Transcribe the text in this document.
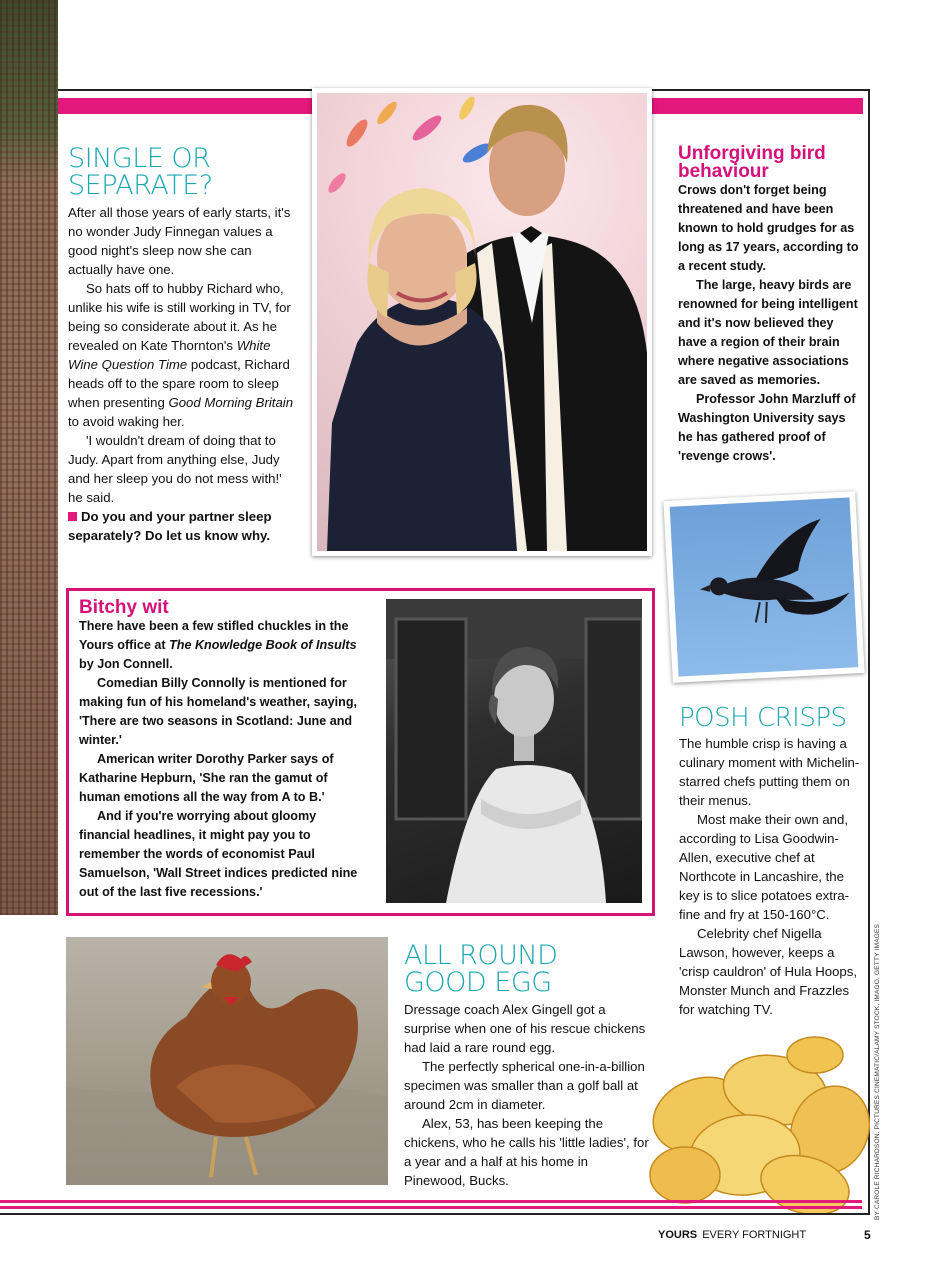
SINGLE OR
SEPARATE?

After all those years of early starts, it's no wonder Judy Finnegan values a good night's sleep now she can actually have one.

So hats off to hubby Richard who, unlike his wife is still working in TV, for being so considerate about it. As he revealed on Kate Thornton's White Wine Question Time podcast, Richard heads off to the spare room to sleep when presenting Good Morning Britain to avoid waking her.

'I wouldn't dream of doing that to Judy. Apart from anything else, Judy and her sleep you do not mess with!' he said.

Do you and your partner sleep separately? Do let us know why.

Unforgiving bird
behaviour

Crows don't forget being threatened and have been known to hold grudges for as long as 17 years, according to a recent study.

The large, heavy birds are renowned for being intelligent and it's now believed they have a region of their brain where negative associations are saved as memories.

Professor John Marzluff of Washington University says he has gathered proof of 'revenge crows'.

Bitchy wit

There have been a few stifled chuckles in the Yours office at The Knowledge Book of Insults by Jon Connell.

Comedian Billy Connolly is mentioned for making fun of his homeland's weather, saying, 'There are two seasons in Scotland: June and winter.'

American writer Dorothy Parker says of Katharine Hepburn, 'She ran the gamut of human emotions all the way from A to B.'

And if you're worrying about gloomy financial headlines, it might pay you to remember the words of economist Paul Samuelson, 'Wall Street indices predicted nine out of the last five recessions.'

POSH CRISPS

The humble crisp is having a culinary moment with Michelin-starred chefs putting them on their menus.

Most make their own and, according to Lisa Goodwin-Allen, executive chef at Northcote in Lancashire, the key is to slice potatoes extra-fine and fry at 150-160°C.

Celebrity chef Nigella Lawson, however, keeps a 'crisp cauldron' of Hula Hoops, Monster Munch and Frazzles for watching TV.

ALL ROUND
GOOD EGG

Dressage coach Alex Gingell got a surprise when one of his rescue chickens had laid a rare round egg.

The perfectly spherical one-in-a-billion specimen was smaller than a golf ball at around 2cm in diameter.

Alex, 53, has been keeping the chickens, who he calls his 'little ladies', for a year and a half at his home in Pinewood, Bucks.

YOURS EVERY FORTNIGHT	5
BY CAROLE RICHARDSON. PICTURES CINEMATIC/ALAMY STOCK, IMAGO, GETTY IMAGES
